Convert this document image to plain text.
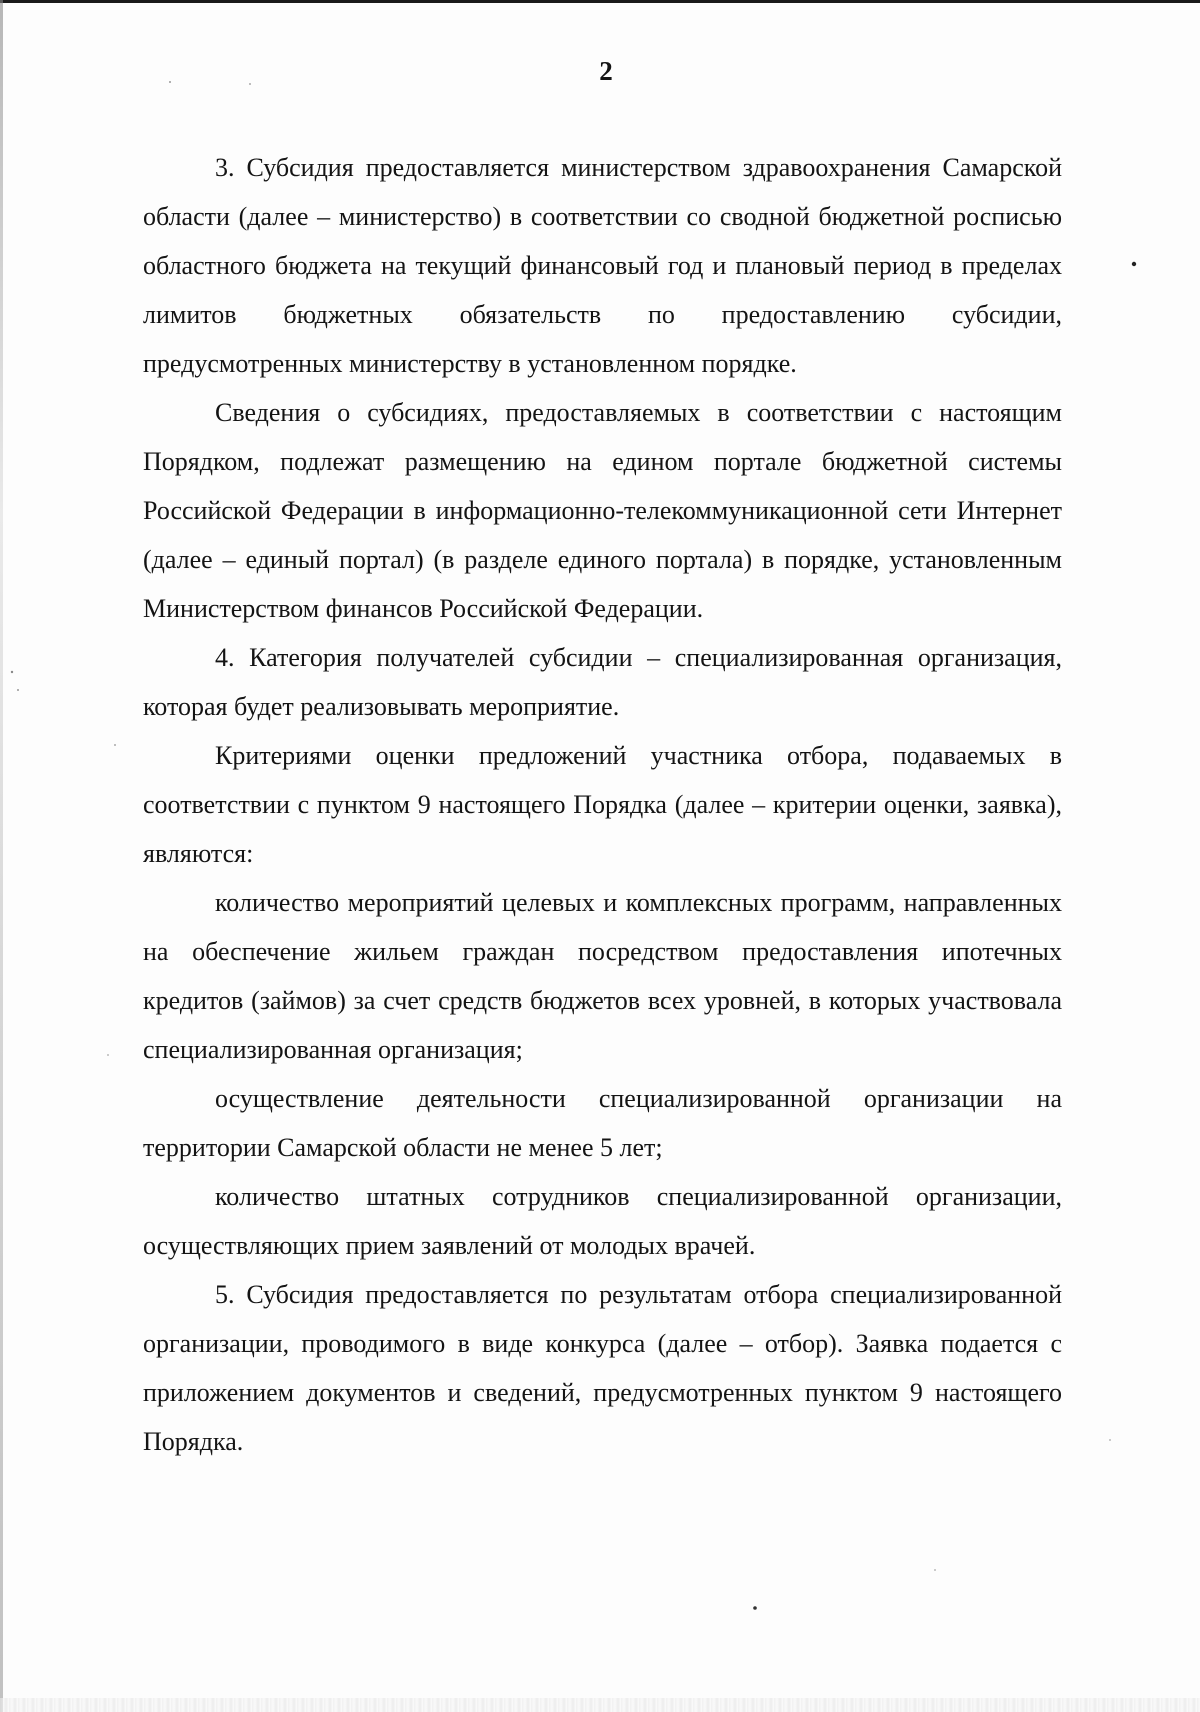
2

3. Субсидия предоставляется министерством здравоохранения Самарской области (далее – министерство) в соответствии со сводной бюджетной росписью областного бюджета на текущий финансовый год и плановый период в пределах лимитов бюджетных обязательств по предоставлению субсидии, предусмотренных министерству в установленном порядке.

Сведения о субсидиях, предоставляемых в соответствии с настоящим Порядком, подлежат размещению на едином портале бюджетной системы Российской Федерации в информационно-телекоммуникационной сети Интернет (далее – единый портал) (в разделе единого портала) в порядке, установленным Министерством финансов Российской Федерации.

4. Категория получателей субсидии – специализированная организация, которая будет реализовывать мероприятие.

Критериями оценки предложений участника отбора, подаваемых в соответствии с пунктом 9 настоящего Порядка (далее – критерии оценки, заявка), являются:

количество мероприятий целевых и комплексных программ, направленных на обеспечение жильем граждан посредством предоставления ипотечных кредитов (займов) за счет средств бюджетов всех уровней, в которых участвовала специализированная организация;

осуществление деятельности специализированной организации на территории Самарской области не менее 5 лет;

количество штатных сотрудников специализированной организации, осуществляющих прием заявлений от молодых врачей.

5. Субсидия предоставляется по результатам отбора специализированной организации, проводимого в виде конкурса (далее – отбор). Заявка подается с приложением документов и сведений, предусмотренных пунктом 9 настоящего Порядка.
